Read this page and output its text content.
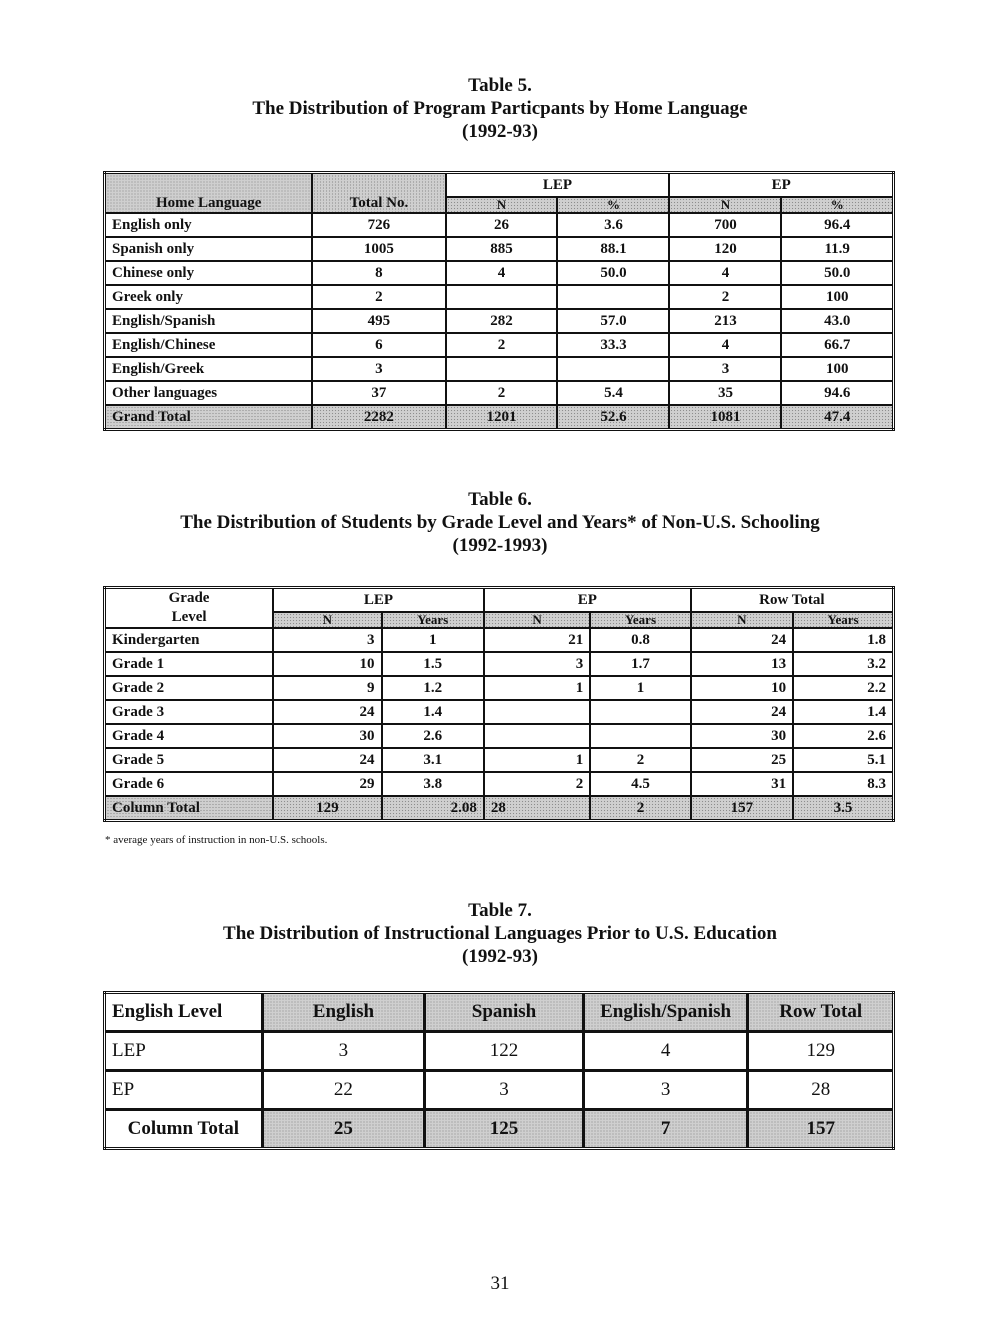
Table 5.
The Distribution of Program Particpants by Home Language
(1992-93)
Home Language	Total No.	LEP		EP	
		N	%	N	%
English only	726	26	3.6	700	96.4
Spanish only	1005	885	88.1	120	11.9
Chinese only	8	4	50.0	4	50.0
Greek only	2			2	100
English/Spanish	495	282	57.0	213	43.0
English/Chinese	6	2	33.3	4	66.7
English/Greek	3			3	100
Other languages	37	2	5.4	35	94.6
Grand Total	2282	1201	52.6	1081	47.4
Table 6.
The Distribution of Students by Grade Level and Years* of Non-U.S. Schooling
(1992-1993)
Grade
Level	LEP		EP		Row Total	
	N	Years	N	Years	N	Years
Kindergarten	3	1	21	0.8	24	1.8
Grade 1	10	1.5	3	1.7	13	3.2
Grade 2	9	1.2	1	1	10	2.2
Grade 3	24	1.4			24	1.4
Grade 4	30	2.6			30	2.6
Grade 5	24	3.1	1	2	25	5.1
Grade 6	29	3.8	2	4.5	31	8.3
Column Total	129	2.08	28	2	157	3.5
* average years of instruction in non-U.S. schools.
Table 7.
The Distribution of Instructional Languages Prior to U.S. Education
(1992-93)
English Level	English	Spanish	English/Spanish	Row Total
LEP	3	122	4	129
EP	22	3	3	28
Column Total	25	125	7	157
31
